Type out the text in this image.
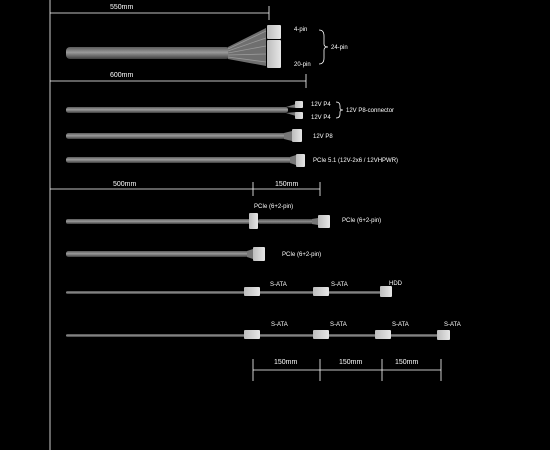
550mm
4-pin
20-pin
24-pin
600mm
12V P4
12V P4
12V P8-connector
12V P8
PCIe 5.1 (12V-2x6 / 12VHPWR)
500mm	150mm
PCIe (6+2-pin)
PCIe (6+2-pin)
PCIe (6+2-pin)
S-ATA	S-ATA	HDD
S-ATA	S-ATA	S-ATA	S-ATA
150mm	150mm	150mm
